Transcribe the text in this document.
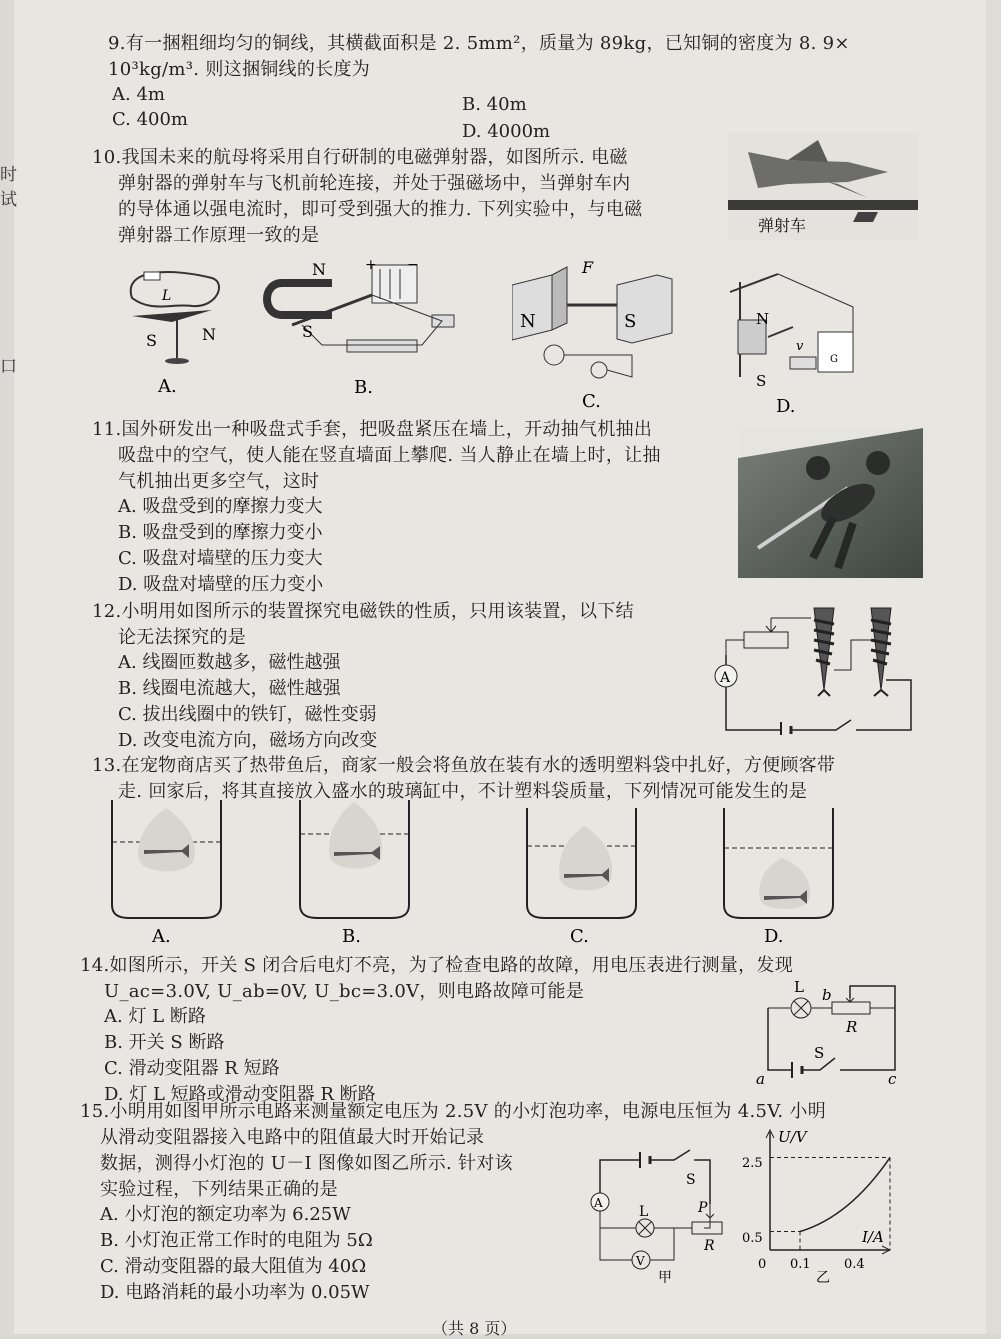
时
试
口
9.有一捆粗细均匀的铜线，其横截面积是 2. 5mm²，质量为 89kg，已知铜的密度为 8. 9×
10³kg/m³. 则这捆铜线的长度为
A. 4m	B. 40m
C. 400m
D. 4000m
10.我国未来的航母将采用自行研制的电磁弹射器，如图所示. 电磁
弹射器的弹射车与飞机前轮连接，并处于强磁场中，当弹射车内
的导体通以强电流时，即可受到强大的推力. 下列实验中，与电磁
弹射器工作原理一致的是	弹射车
L
S	N
A.
N
S
+ −
B.
N	S
F
C.
N
S
v
G
D.
11.国外研发出一种吸盘式手套，把吸盘紧压在墙上，开动抽气机抽出
吸盘中的空气，使人能在竖直墙面上攀爬. 当人静止在墙上时，让抽
气机抽出更多空气，这时
A. 吸盘受到的摩擦力变大
B. 吸盘受到的摩擦力变小
C. 吸盘对墙壁的压力变大
D. 吸盘对墙壁的压力变小
12.小明用如图所示的装置探究电磁铁的性质，只用该装置，以下结
论无法探究的是
A. 线圈匝数越多，磁性越强
B. 线圈电流越大，磁性越强
C. 拔出线圈中的铁钉，磁性变弱
D. 改变电流方向，磁场方向改变
A
13.在宠物商店买了热带鱼后，商家一般会将鱼放在装有水的透明塑料袋中扎好，方便顾客带
走. 回家后，将其直接放入盛水的玻璃缸中，不计塑料袋质量，下列情况可能发生的是
A.	B.	C.	D.
14.如图所示，开关 S 闭合后电灯不亮，为了检查电路的故障，用电压表进行测量，发现
U_ac=3.0V, U_ab=0V, U_bc=3.0V，则电路故障可能是
A. 灯 L 断路
B. 开关 S 断路
C. 滑动变阻器 R 短路
D. 灯 L 短路或滑动变阻器 R 断路
L b
R
S
a	c
15.小明用如图甲所示电路来测量额定电压为 2.5V 的小灯泡功率，电源电压恒为 4.5V. 小明
从滑动变阻器接入电路中的阻值最大时开始记录
数据，测得小灯泡的 U－I 图像如图乙所示. 针对该
实验过程，下列结果正确的是
A. 小灯泡的额定功率为 6.25W
B. 小灯泡正常工作时的电阻为 5Ω
C. 滑动变阻器的最大阻值为 40Ω
D. 电路消耗的最小功率为 0.05W
A
V
S
L	P
R
甲
U/V
I/A
2.5
0.5
0 0.1	0.4
乙
（共 8 页）
